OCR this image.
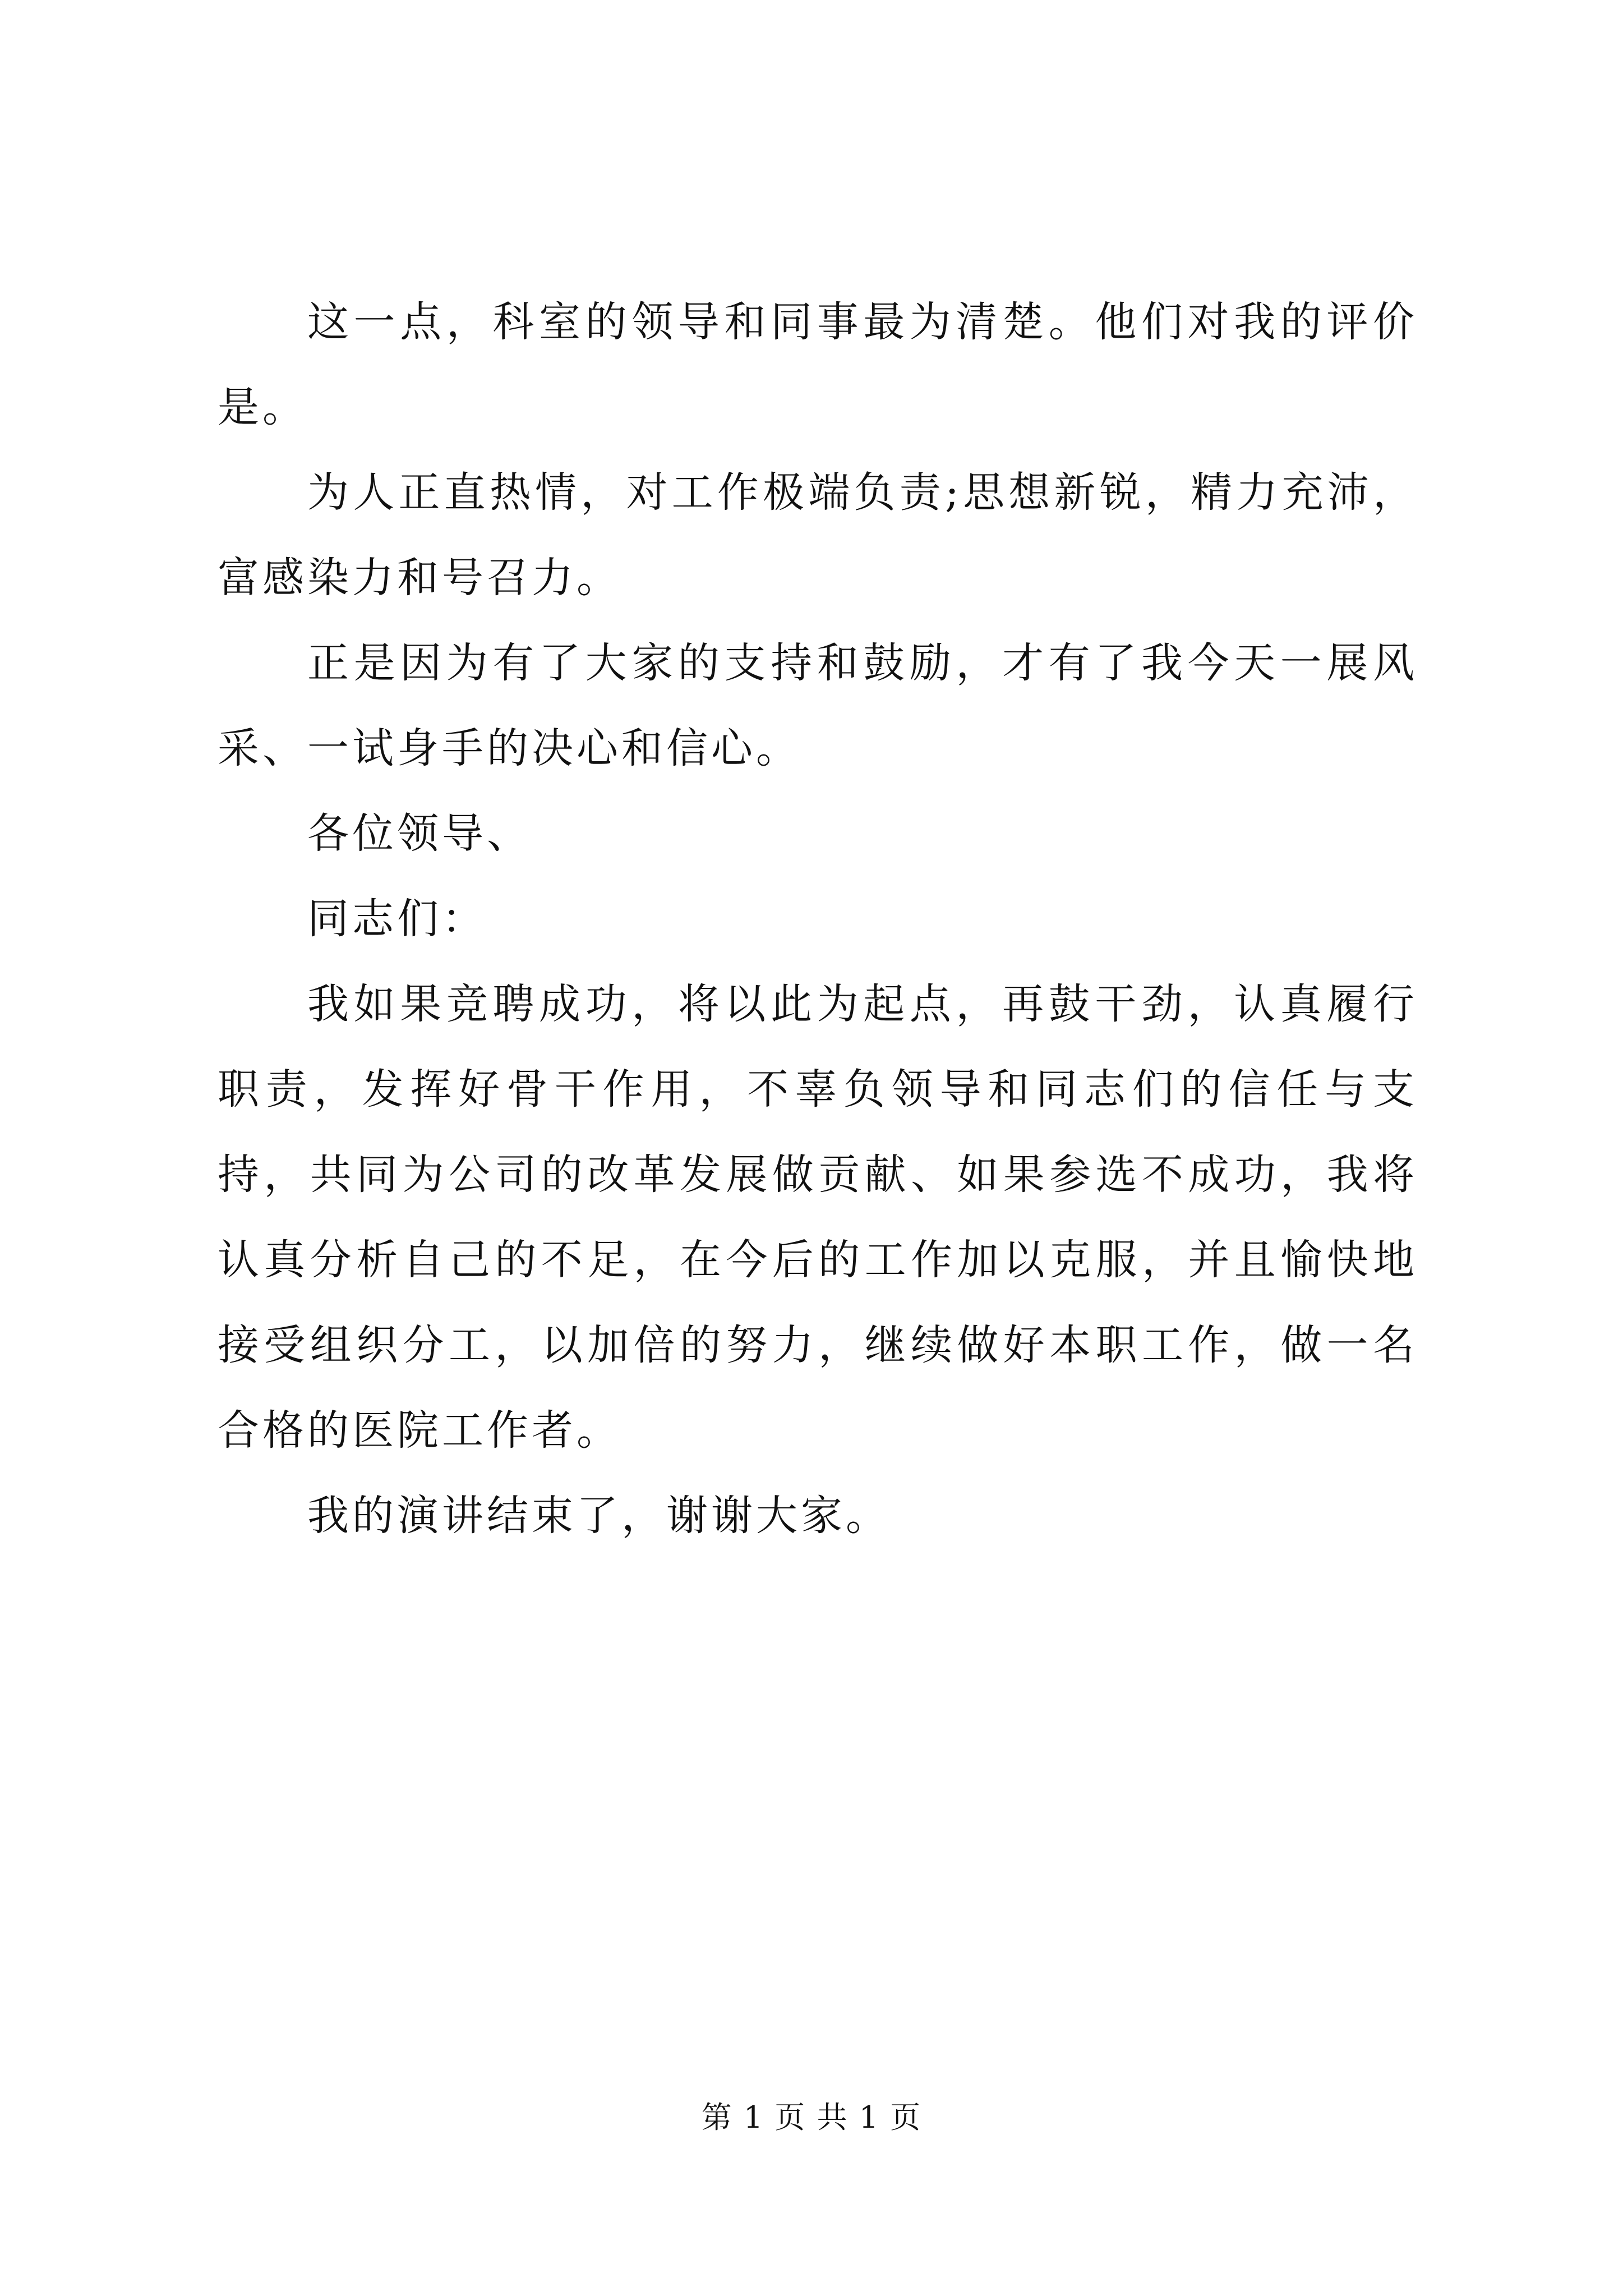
这一点，科室的领导和同事最为清楚。他们对我的评价是。

为人正直热情，对工作极端负责;思想新锐，精力充沛，富感染力和号召力。

正是因为有了大家的支持和鼓励，才有了我今天一展风采、一试身手的决心和信心。

各位领导、

同志们：

我如果竞聘成功，将以此为起点，再鼓干劲，认真履行职责，发挥好骨干作用，不辜负领导和同志们的信任与支持，共同为公司的改革发展做贡献、如果参选不成功，我将认真分析自己的不足，在今后的工作加以克服，并且愉快地接受组织分工，以加倍的努力，继续做好本职工作，做一名合格的医院工作者。

我的演讲结束了，谢谢大家。

第 1 页 共 1 页
